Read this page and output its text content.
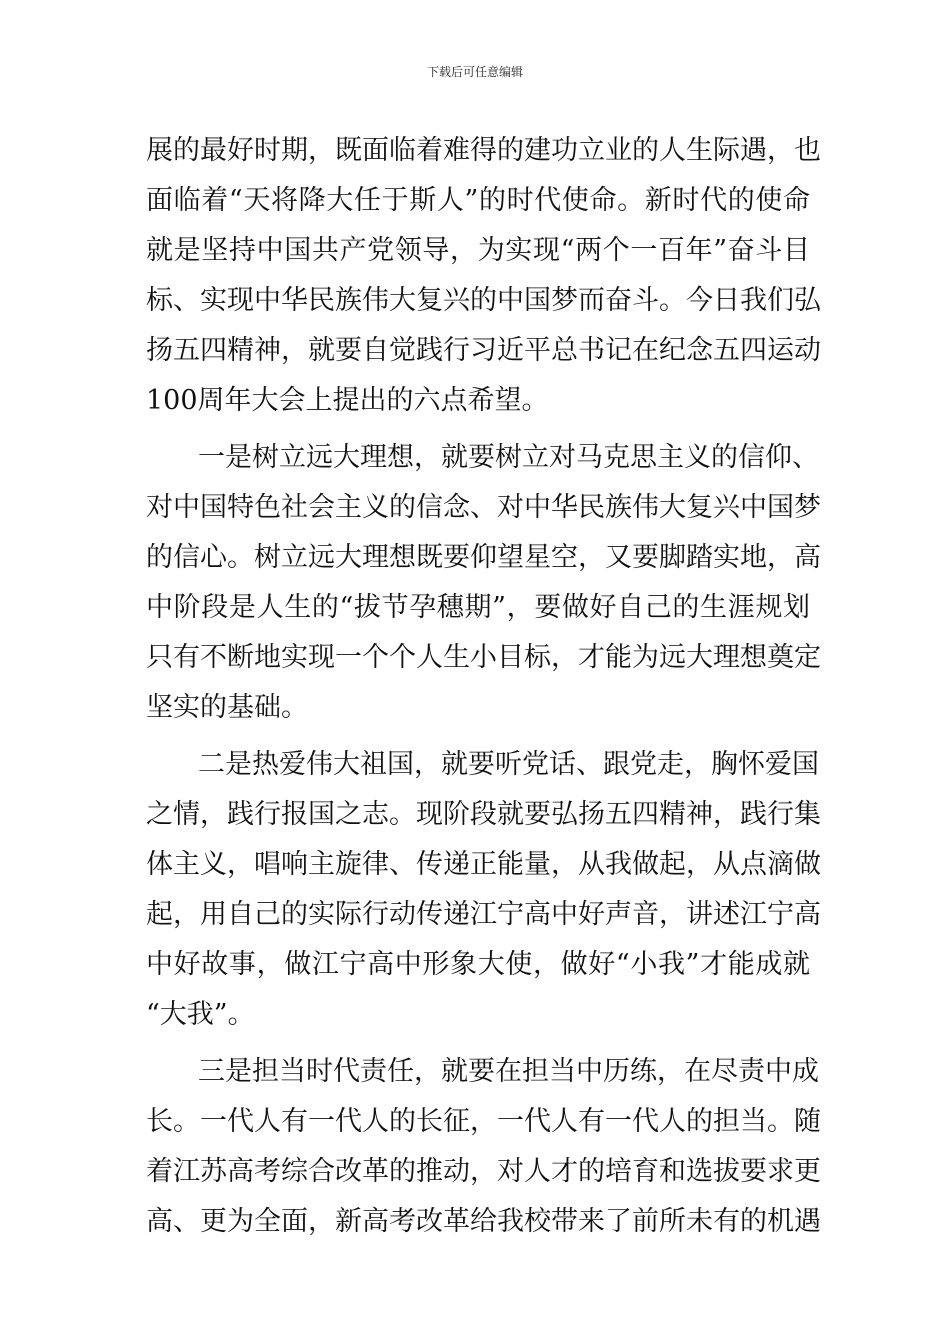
下载后可任意编辑
展的最好时期，既面临着难得的建功立业的人生际遇，也
面临着“天将降大任于斯人”的时代使命。新时代的使命
就是坚持中国共产党领导，为实现“两个一百年”奋斗目
标、实现中华民族伟大复兴的中国梦而奋斗。今日我们弘
扬五四精神，就要自觉践行习近平总书记在纪念五四运动
100周年大会上提出的六点希望。
一是树立远大理想，就要树立对马克思主义的信仰、
对中国特色社会主义的信念、对中华民族伟大复兴中国梦
的信心。树立远大理想既要仰望星空，又要脚踏实地，高
中阶段是人生的“拔节孕穗期”，要做好自己的生涯规划
只有不断地实现一个个人生小目标，才能为远大理想奠定
坚实的基础。
二是热爱伟大祖国，就要听党话、跟党走，胸怀爱国
之情，践行报国之志。现阶段就要弘扬五四精神，践行集
体主义，唱响主旋律、传递正能量，从我做起，从点滴做
起，用自己的实际行动传递江宁高中好声音，讲述江宁高
中好故事，做江宁高中形象大使，做好“小我”才能成就
“大我”。
三是担当时代责任，就要在担当中历练，在尽责中成
长。一代人有一代人的长征，一代人有一代人的担当。随
着江苏高考综合改革的推动，对人才的培育和选拔要求更
高、更为全面，新高考改革给我校带来了前所未有的机遇
